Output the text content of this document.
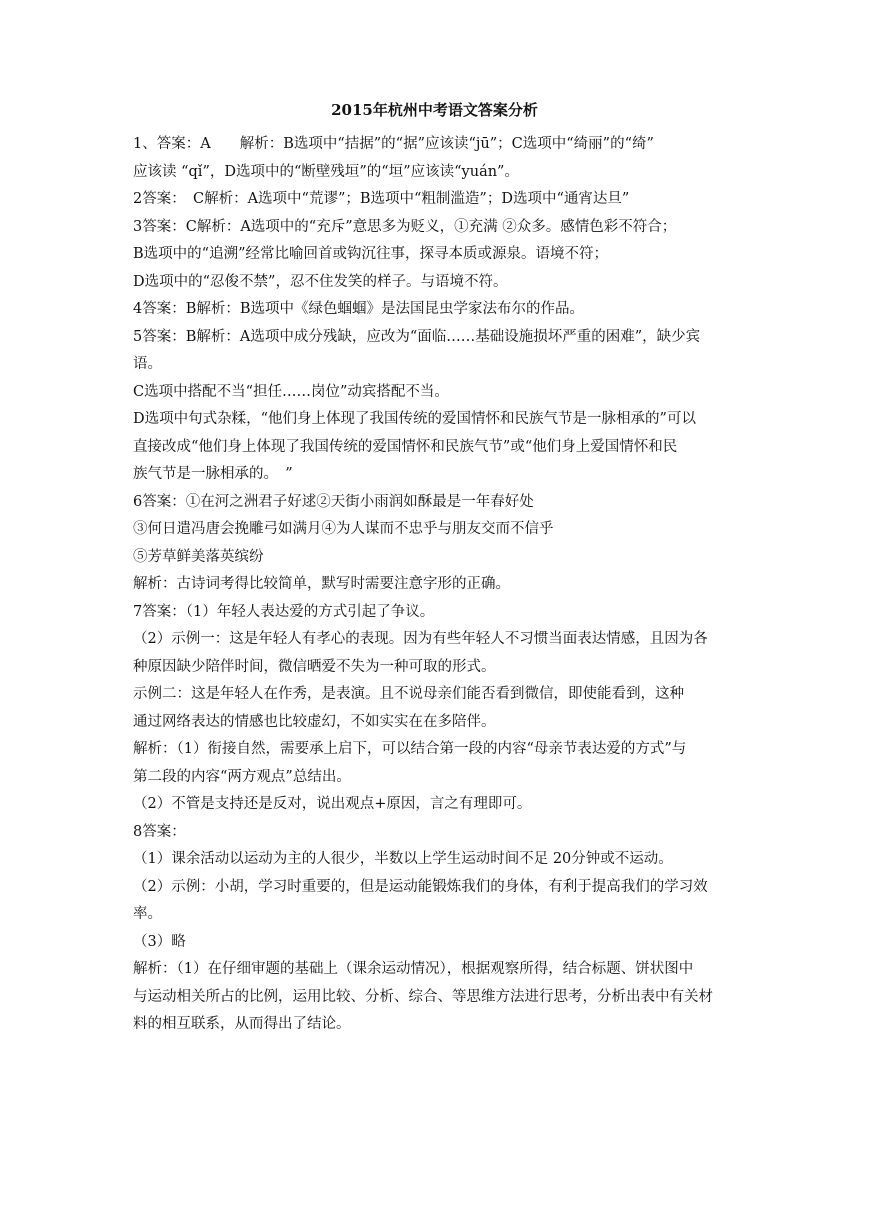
2015年杭州中考语文答案分析
1、答案：A　　解析：B选项中“拮据”的“据”应该读“jū”；C选项中“绮丽”的“绮”
应该读 “qǐ”，D选项中的“断壁残垣”的“垣”应该读“yuán”。
2答案：　C解析：A选项中“荒谬”；B选项中“粗制滥造”；D选项中“通宵达旦”
3答案：C解析：A选项中的“充斥”意思多为贬义，①充满 ②众多。感情色彩不符合；
B选项中的“追溯”经常比喻回首或钩沉往事，探寻本质或源泉。语境不符；
D选项中的“忍俊不禁”，忍不住发笑的样子。与语境不符。
4答案：B解析：B选项中《绿色蝈蝈》是法国昆虫学家法布尔的作品。
5答案：B解析：A选项中成分残缺，应改为“面临……基础设施损坏严重的困难”，缺少宾
语。
C选项中搭配不当“担任……岗位”动宾搭配不当。
D选项中句式杂糅，“他们身上体现了我国传统的爱国情怀和民族气节是一脉相承的”可以
直接改成“他们身上体现了我国传统的爱国情怀和民族气节”或“他们身上爱国情怀和民
族气节是一脉相承的。　”
6答案：①在河之洲君子好逑②天街小雨润如酥最是一年春好处
③何日遣冯唐会挽雕弓如满月④为人谋而不忠乎与朋友交而不信乎
⑤芳草鲜美落英缤纷
解析：古诗词考得比较简单，默写时需要注意字形的正确。
7答案：（1）年轻人表达爱的方式引起了争议。
（2）示例一：这是年轻人有孝心的表现。因为有些年轻人不习惯当面表达情感，且因为各
种原因缺少陪伴时间，微信晒爱不失为一种可取的形式。
示例二：这是年轻人在作秀，是表演。且不说母亲们能否看到微信，即使能看到，这种
通过网络表达的情感也比较虚幻，不如实实在在多陪伴。
解析：（1）衔接自然，需要承上启下，可以结合第一段的内容“母亲节表达爱的方式”与
第二段的内容“两方观点”总结出。
（2）不管是支持还是反对，说出观点+原因，言之有理即可。
8答案：
（1）课余活动以运动为主的人很少，半数以上学生运动时间不足 20分钟或不运动。
（2）示例：小胡，学习时重要的，但是运动能锻炼我们的身体，有利于提高我们的学习效
率。
（3）略
解析：（1）在仔细审题的基础上（课余运动情况），根据观察所得，结合标题、饼状图中
与运动相关所占的比例，运用比较、分析、综合、等思维方法进行思考，分析出表中有关材
料的相互联系，从而得出了结论。
